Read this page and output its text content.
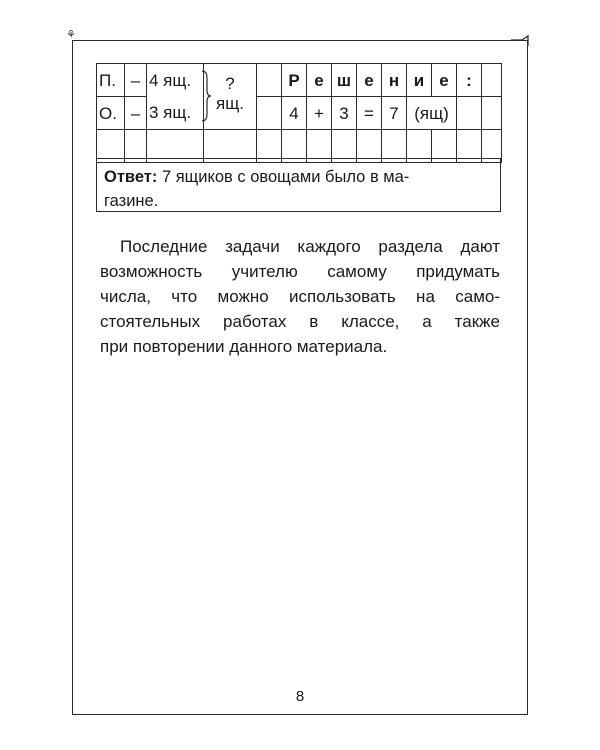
⚘
П.	–	4 ящ.	?		Р	е	ш	е	н	и	е	:	
О.	–	3 ящ.	ящ.		4	+	3	=	7	(ящ)			

Ответ: 7 ящиков с овощами было в ма-
газине.
Последние задачи каждого раздела дают
возможность учителю самому придумать
числа, что можно использовать на само-
стоятельных работах в классе, а также
при повторении данного материала.
8
